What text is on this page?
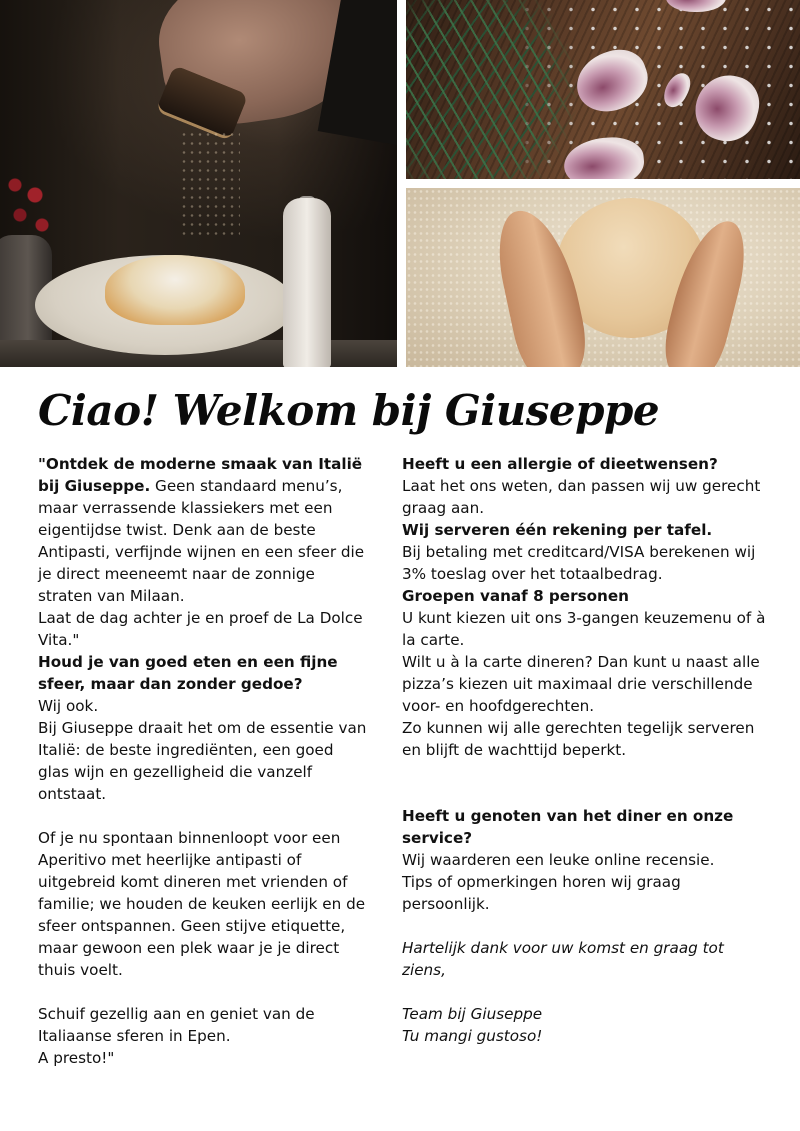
Ciao! Welkom bij Giuseppe

"Ontdek de moderne smaak van Italië bij Giuseppe. Geen standaard menu’s, maar verrassende klassiekers met een eigentijdse twist. Denk aan de beste Antipasti, verfijnde wijnen en een sfeer die je direct meeneemt naar de zonnige straten van Milaan.

Laat de dag achter je en proef de La Dolce Vita."

Houd je van goed eten en een fijne sfeer, maar dan zonder gedoe?

Wij ook.

Bij Giuseppe draait het om de essentie van Italië: de beste ingrediënten, een goed glas wijn en gezelligheid die vanzelf ontstaat.

Of je nu spontaan binnenloopt voor een Aperitivo met heerlijke antipasti of uitgebreid komt dineren met vrienden of familie; we houden de keuken eerlijk en de sfeer ontspannen. Geen stijve etiquette, maar gewoon een plek waar je je direct thuis voelt.

Schuif gezellig aan en geniet van de Italiaanse sferen in Epen.

A presto!"

Heeft u een allergie of dieetwensen?

Laat het ons weten, dan passen wij uw gerecht graag aan.

Wij serveren één rekening per tafel.

Bij betaling met creditcard/VISA berekenen wij 3% toeslag over het totaalbedrag.

Groepen vanaf 8 personen

U kunt kiezen uit ons 3-gangen keuzemenu of à la carte.

Wilt u à la carte dineren? Dan kunt u naast alle pizza’s kiezen uit maximaal drie verschillende voor- en hoofdgerechten.

Zo kunnen wij alle gerechten tegelijk serveren en blijft de wachttijd beperkt.

Heeft u genoten van het diner en onze service?

Wij waarderen een leuke online recensie.

Tips of opmerkingen horen wij graag persoonlijk.

Hartelijk dank voor uw komst en graag tot ziens,

Team bij Giuseppe

Tu mangi gustoso!
